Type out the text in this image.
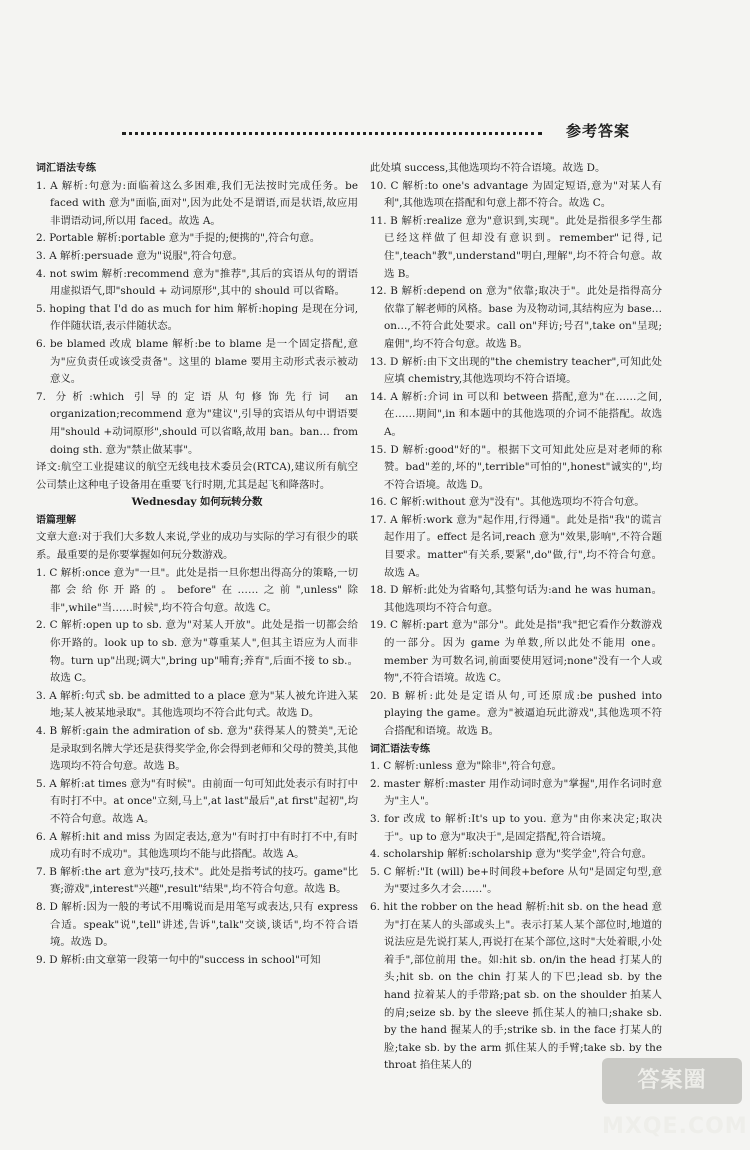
参考答案

词汇语法专练

1. A 解析:句意为:面临着这么多困难,我们无法按时完成任务。be faced with 意为"面临,面对",因为此处不是谓语,而是状语,故应用非谓语动词,所以用 faced。故选 A。

2. Portable 解析:portable 意为"手提的;便携的",符合句意。

3. A 解析:persuade 意为"说服",符合句意。

4. not swim 解析:recommend 意为"推荐",其后的宾语从句的谓语用虚拟语气,即"should + 动词原形",其中的 should 可以省略。

5. hoping that I'd do as much for him 解析:hoping 是现在分词,作伴随状语,表示伴随状态。

6. be blamed 改成 blame 解析:be to blame 是一个固定搭配,意为"应负责任或该受责备"。这里的 blame 要用主动形式表示被动意义。

7. 分析:which 引导的定语从句修饰先行词 an organization;recommend 意为"建议",引导的宾语从句中谓语要用"should +动词原形",should 可以省略,故用 ban。ban… from doing sth. 意为"禁止做某事"。

译文:航空工业提建议的航空无线电技术委员会(RTCA),建议所有航空公司禁止这种电子设备用在重要飞行时期,尤其是起飞和降落时。

Wednesday 如何玩转分数

语篇理解

文章大意:对于我们大多数人来说,学业的成功与实际的学习有很少的联系。最重要的是你要掌握如何玩分数游戏。

1. C 解析:once 意为"一旦"。此处是指一旦你想出得高分的策略,一切都会给你开路的。before"在……之前",unless"除非",while"当……时候",均不符合句意。故选 C。

2. C 解析:open up to sb. 意为"对某人开放"。此处是指一切都会给你开路的。look up to sb. 意为"尊重某人",但其主语应为人而非物。turn up"出现;调大",bring up"哺育;养育",后面不接 to sb.。故选 C。

3. A 解析:句式 sb. be admitted to a place 意为"某人被允许进入某地;某人被某地录取"。其他选项均不符合此句式。故选 D。

4. B 解析:gain the admiration of sb. 意为"获得某人的赞美",无论是录取到名牌大学还是获得奖学金,你会得到老师和父母的赞美,其他选项均不符合句意。故选 B。

5. A 解析:at times 意为"有时候"。由前面一句可知此处表示有时打中有时打不中。at once"立刻,马上",at last"最后",at first"起初",均不符合句意。故选 A。

6. A 解析:hit and miss 为固定表达,意为"有时打中有时打不中,有时成功有时不成功"。其他选项均不能与此搭配。故选 A。

7. B 解析:the art 意为"技巧,技术"。此处是指考试的技巧。game"比赛;游戏",interest"兴趣",result"结果",均不符合句意。故选 B。

8. D 解析:因为一般的考试不用嘴说而是用笔写或表达,只有 express 合适。speak"说",tell"讲述,告诉",talk"交谈,谈话",均不符合语境。故选 D。

9. D 解析:由文章第一段第一句中的"success in school"可知

此处填 success,其他选项均不符合语境。故选 D。

10. C 解析:to one's advantage 为固定短语,意为"对某人有利",其他选项在搭配和句意上都不符合。故选 C。

11. B 解析:realize 意为"意识到,实现"。此处是指很多学生都已经这样做了但却没有意识到。remember"记得,记住",teach"教",understand"明白,理解",均不符合句意。故选 B。

12. B 解析:depend on 意为"依靠;取决于"。此处是指得高分依靠了解老师的风格。base 为及物动词,其结构应为 base…on…,不符合此处要求。call on"拜访;号召",take on"呈现;雇佣",均不符合句意。故选 B。

13. D 解析:由下文出现的"the chemistry teacher",可知此处应填 chemistry,其他选项均不符合语境。

14. A 解析:介词 in 可以和 between 搭配,意为"在……之间,在……期间",in 和本题中的其他选项的介词不能搭配。故选 A。

15. D 解析:good"好的"。根据下文可知此处应是对老师的称赞。bad"差的,坏的",terrible"可怕的",honest"诚实的",均不符合语境。故选 D。

16. C 解析:without 意为"没有"。其他选项均不符合句意。

17. A 解析:work 意为"起作用,行得通"。此处是指"我"的谎言起作用了。effect 是名词,reach 意为"效果,影响",不符合题目要求。matter"有关系,要紧",do"做,行",均不符合句意。故选 A。

18. D 解析:此处为省略句,其整句话为:and he was human。其他选项均不符合句意。

19. C 解析:part 意为"部分"。此处是指"我"把它看作分数游戏的一部分。因为 game 为单数,所以此处不能用 one。member 为可数名词,前面要使用冠词;none"没有一个人或物",不符合语境。故选 C。

20. B 解析:此处是定语从句,可还原成:be pushed into playing the game。意为"被逼迫玩此游戏",其他选项不符合搭配和语境。故选 B。

词汇语法专练

1. C 解析:unless 意为"除非",符合句意。

2. master 解析:master 用作动词时意为"掌握",用作名词时意为"主人"。

3. for 改成 to 解析:It's up to you. 意为"由你来决定;取决于"。up to 意为"取决于",是固定搭配,符合语境。

4. scholarship 解析:scholarship 意为"奖学金",符合句意。

5. C 解析:"It (will) be+时间段+before 从句"是固定句型,意为"要过多久才会……"。

6. hit the robber on the head 解析:hit sb. on the head 意为"打在某人的头部或头上"。表示打某人某个部位时,地道的说法应是先说打某人,再说打在某个部位,这时"大处着眼,小处着手",部位前用 the。如:hit sb. on/in the head 打某人的头;hit sb. on the chin 打某人的下巴;lead sb. by the hand 拉着某人的手带路;pat sb. on the shoulder 拍某人的肩;seize sb. by the sleeve 抓住某人的袖口;shake sb. by the hand 握某人的手;strike sb. in the face 打某人的脸;take sb. by the arm 抓住某人的手臂;take sb. by the throat 掐住某人的

答案圈 MXQE.COM
